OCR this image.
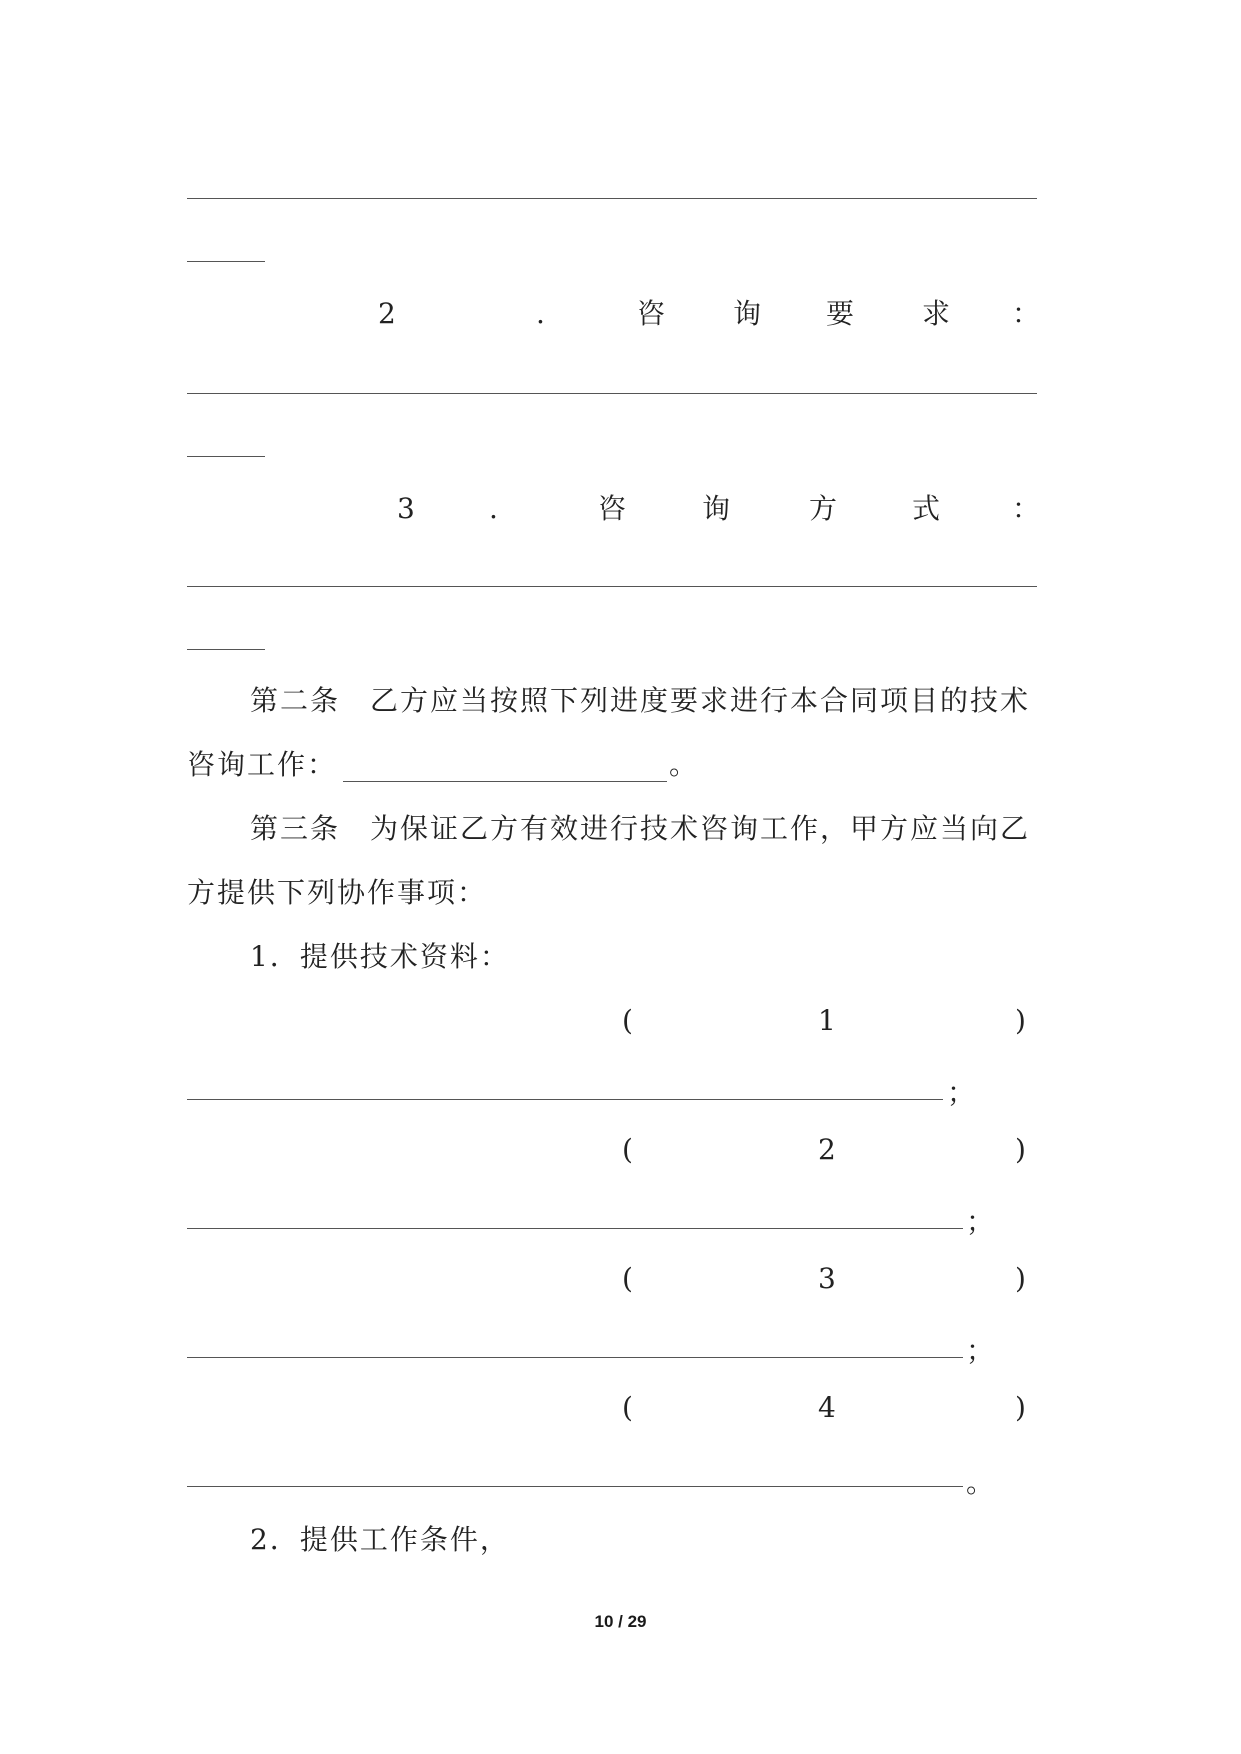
2	.	咨 询 要 求 ：
3	.	咨	询	方	式	：
第二条　乙方应当按照下列进度要求进行本合同项目的技术
咨询工作：	。
第三条　为保证乙方有效进行技术咨询工作，甲方应当向乙
方提供下列协作事项：
1．提供技术资料：
(	1	)
；
(	2	)
；
(	3	)
；
(	4	)
。
2．提供工作条件，
10 / 29
